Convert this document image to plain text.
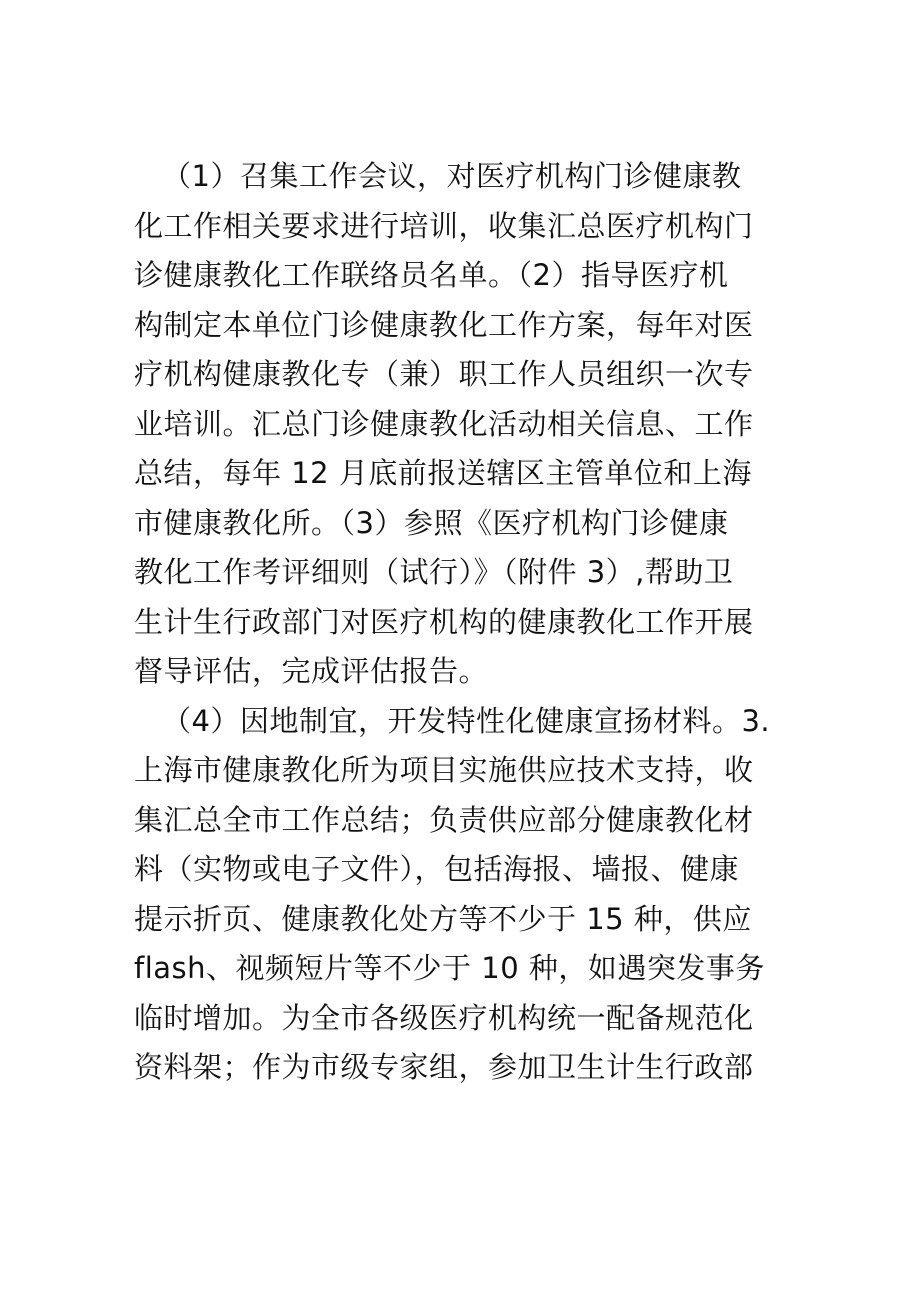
（1）召集工作会议，对医疗机构门诊健康教
化工作相关要求进行培训，收集汇总医疗机构门
诊健康教化工作联络员名单。（2）指导医疗机
构制定本单位门诊健康教化工作方案，每年对医
疗机构健康教化专（兼）职工作人员组织一次专
业培训。汇总门诊健康教化活动相关信息、工作
总结，每年 12 月底前报送辖区主管单位和上海
市健康教化所。（3）参照《医疗机构门诊健康
教化工作考评细则（试行）》（附件 3）,帮助卫
生计生行政部门对医疗机构的健康教化工作开展
督导评估，完成评估报告。
（4）因地制宜，开发特性化健康宣扬材料。3.
上海市健康教化所为项目实施供应技术支持，收
集汇总全市工作总结；负责供应部分健康教化材
料（实物或电子文件），包括海报、墙报、健康
提示折页、健康教化处方等不少于 15 种，供应
flash、视频短片等不少于 10 种，如遇突发事务
临时增加。为全市各级医疗机构统一配备规范化
资料架；作为市级专家组，参加卫生计生行政部
